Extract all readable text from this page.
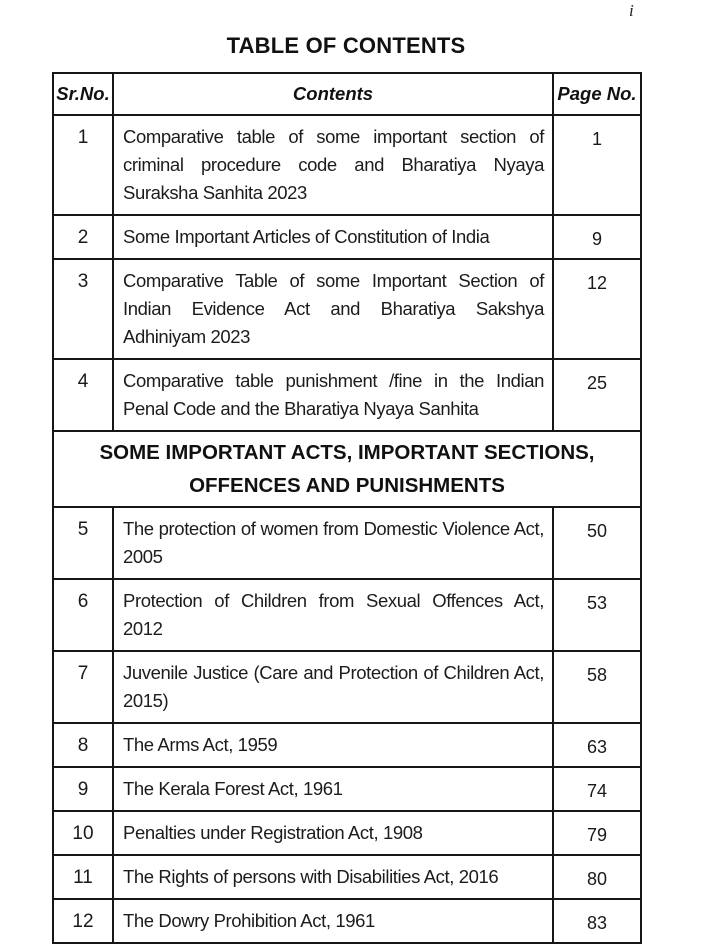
i
TABLE OF CONTENTS
Sr.No.	Contents	Page No.
1	Comparative table of some important section of criminal procedure code and Bharatiya Nyaya Suraksha Sanhita 2023	1
2	Some Important Articles of Constitution of India	9
3	Comparative Table of some Important Section of Indian Evidence Act and Bharatiya Sakshya Adhiniyam 2023	12
4	Comparative table punishment /fine in the Indian Penal Code and the Bharatiya Nyaya Sanhita	25
SOME IMPORTANT ACTS, IMPORTANT SECTIONS, OFFENCES AND PUNISHMENTS		
5	The protection of women from Domestic Violence Act, 2005	50
6	Protection of Children from Sexual Offences Act, 2012	53
7	Juvenile Justice (Care and Protection of Children Act, 2015)	58
8	The Arms Act, 1959	63
9	The Kerala Forest Act, 1961	74
10	Penalties under Registration Act, 1908	79
11	The Rights of persons with Disabilities Act, 2016	80
12	The Dowry Prohibition Act, 1961	83
